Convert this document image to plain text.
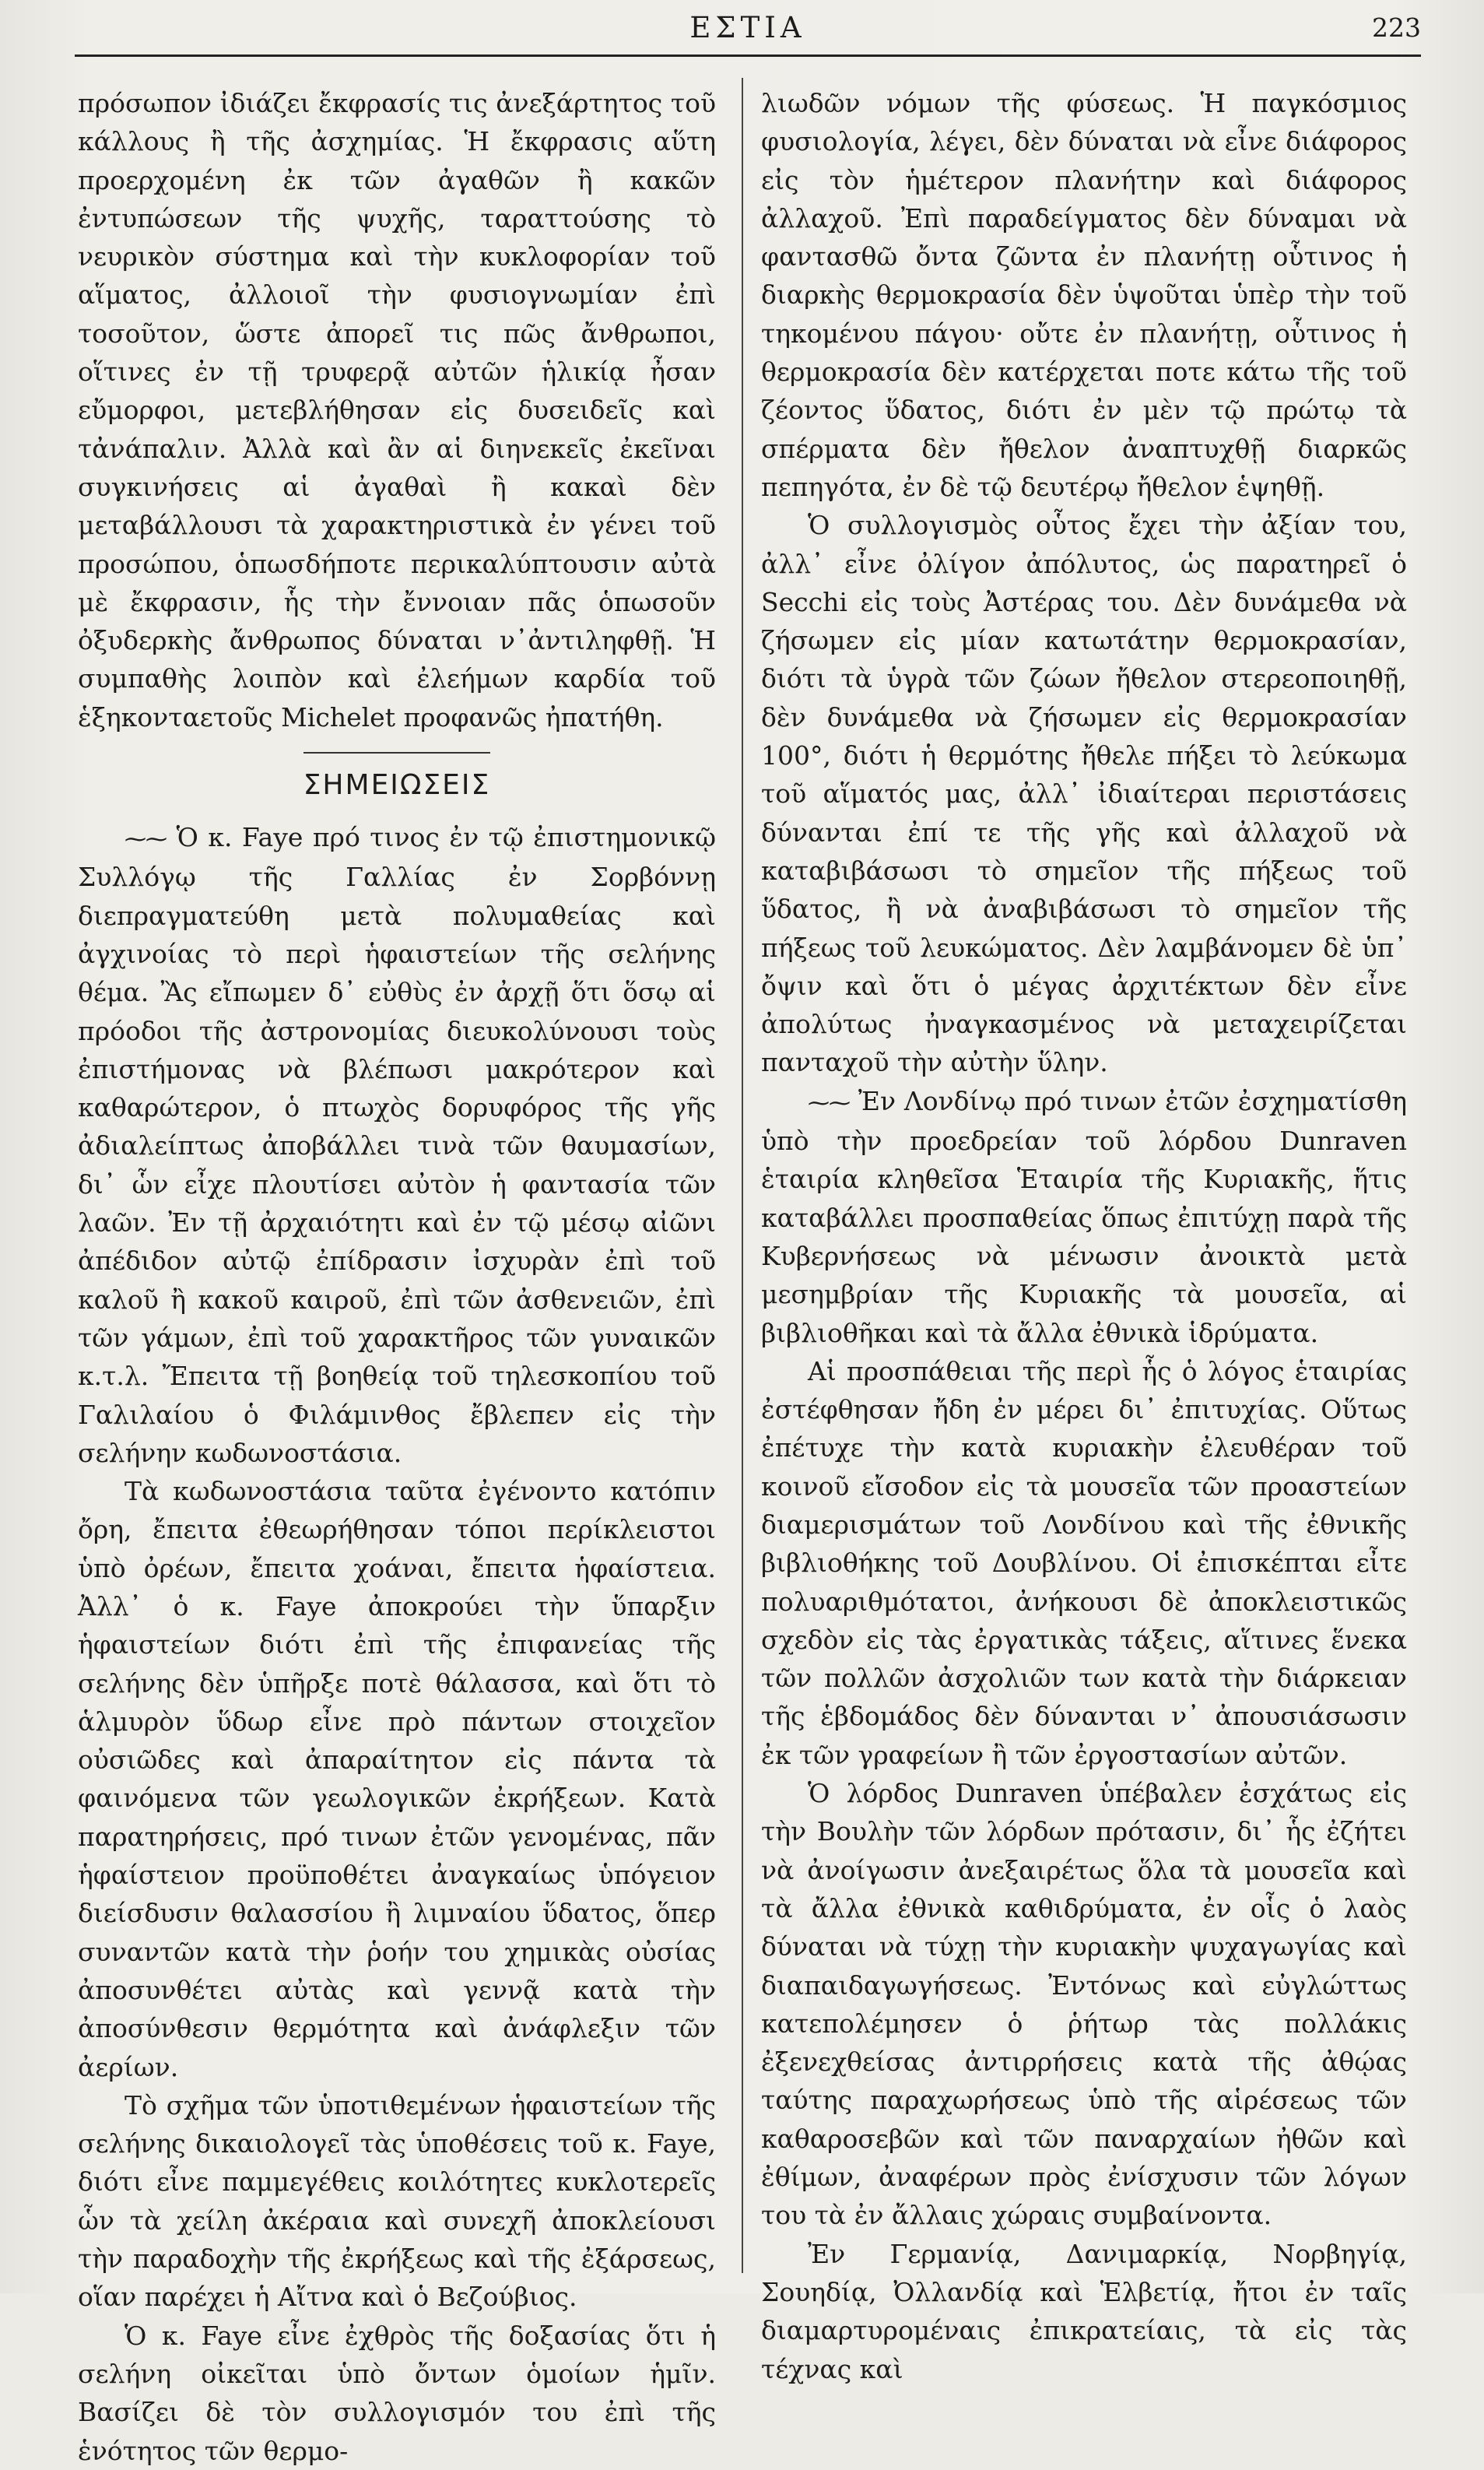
ΕΣΤΙΑ	223

πρόσωπον ἰδιάζει ἔκφρασίς τις ἀνεξάρτητος τοῦ κάλλους ἢ τῆς ἀσχημίας. Ἡ ἔκφρασις αὕτη προερχομένη ἐκ τῶν ἀγαθῶν ἢ κακῶν ἐντυπώσεων τῆς ψυχῆς, ταραττούσης τὸ νευρικὸν σύστημα καὶ τὴν κυκλοφορίαν τοῦ αἵματος, ἀλλοιοῖ τὴν φυσιογνωμίαν ἐπὶ τοσοῦτον, ὥστε ἀπορεῖ τις πῶς ἄνθρωποι, οἵτινες ἐν τῇ τρυφερᾷ αὐτῶν ἡλικίᾳ ἦσαν εὔμορφοι, μετεβλήθησαν εἰς δυσειδεῖς καὶ τἀνάπαλιν. Ἀλλὰ καὶ ἂν αἱ διηνεκεῖς ἐκεῖναι συγκινήσεις αἱ ἀγαθαὶ ἢ κακαὶ δὲν μεταβάλλουσι τὰ χαρακτηριστικὰ ἐν γένει τοῦ προσώπου, ὁπωσδήποτε περικαλύπτουσιν αὐτὰ μὲ ἔκφρασιν, ἧς τὴν ἔννοιαν πᾶς ὁπωσοῦν ὀξυδερκὴς ἄνθρωπος δύναται ν᾽ἀντιληφθῇ. Ἡ συμπαθὴς λοιπὸν καὶ ἐλεήμων καρδία τοῦ ἑξηκονταετοῦς Michelet προφανῶς ἠπατήθη.

ΣΗΜΕΙΩΣΕΙΣ

⁓⁓ Ὁ κ. Faye πρό τινος ἐν τῷ ἐπιστημονικῷ Συλλόγῳ τῆς Γαλλίας ἐν Σορβόννῃ διεπραγματεύθη μετὰ πολυμαθείας καὶ ἀγχινοίας τὸ περὶ ἡφαιστείων τῆς σελήνης θέμα. Ἂς εἴπωμεν δ᾽ εὐθὺς ἐν ἀρχῇ ὅτι ὅσῳ αἱ πρόοδοι τῆς ἀστρονομίας διευκολύνουσι τοὺς ἐπιστήμονας νὰ βλέπωσι μακρότερον καὶ καθαρώτερον, ὁ πτωχὸς δορυφόρος τῆς γῆς ἀδιαλείπτως ἀποβάλλει τινὰ τῶν θαυμασίων, δι᾽ ὧν εἶχε πλουτίσει αὐτὸν ἡ φαντασία τῶν λαῶν. Ἐν τῇ ἀρχαιότητι καὶ ἐν τῷ μέσῳ αἰῶνι ἀπέδιδον αὐτῷ ἐπίδρασιν ἰσχυρὰν ἐπὶ τοῦ καλοῦ ἢ κακοῦ καιροῦ, ἐπὶ τῶν ἀσθενειῶν, ἐπὶ τῶν γάμων, ἐπὶ τοῦ χαρακτῆρος τῶν γυναικῶν κ.τ.λ. Ἔπειτα τῇ βοηθείᾳ τοῦ τηλεσκοπίου τοῦ Γαλιλαίου ὁ Φιλάμινθος ἔβλεπεν εἰς τὴν σελήνην κωδωνοστάσια.

Τὰ κωδωνοστάσια ταῦτα ἐγένοντο κατόπιν ὄρη, ἔπειτα ἐθεωρήθησαν τόποι περίκλειστοι ὑπὸ ὀρέων, ἔπειτα χοάναι, ἔπειτα ἡφαίστεια. Ἀλλ᾽ ὁ κ. Faye ἀποκρούει τὴν ὕπαρξιν ἡφαιστείων διότι ἐπὶ τῆς ἐπιφανείας τῆς σελήνης δὲν ὑπῆρξε ποτὲ θάλασσα, καὶ ὅτι τὸ ἁλμυρὸν ὕδωρ εἶνε πρὸ πάντων στοιχεῖον οὐσιῶδες καὶ ἀπαραίτητον εἰς πάντα τὰ φαινόμενα τῶν γεωλογικῶν ἐκρήξεων. Κατὰ παρατηρήσεις, πρό τινων ἐτῶν γενομένας, πᾶν ἡφαίστειον προϋποθέτει ἀναγκαίως ὑπόγειον διείσδυσιν θαλασσίου ἢ λιμναίου ὕδατος, ὅπερ συναντῶν κατὰ τὴν ῥοήν του χημικὰς οὐσίας ἀποσυνθέτει αὐτὰς καὶ γεννᾷ κατὰ τὴν ἀποσύνθεσιν θερμότητα καὶ ἀνάφλεξιν τῶν ἀερίων.

Τὸ σχῆμα τῶν ὑποτιθεμένων ἡφαιστείων τῆς σελήνης δικαιολογεῖ τὰς ὑποθέσεις τοῦ κ. Faye, διότι εἶνε παμμεγέθεις κοιλότητες κυκλοτερεῖς ὧν τὰ χείλη ἀκέραια καὶ συνεχῆ ἀποκλείουσι τὴν παραδοχὴν τῆς ἐκρήξεως καὶ τῆς ἐξάρσεως, οἵαν παρέχει ἡ Αἴτνα καὶ ὁ Βεζούβιος.

Ὁ κ. Faye εἶνε ἐχθρὸς τῆς δοξασίας ὅτι ἡ σελήνη οἰκεῖται ὑπὸ ὄντων ὁμοίων ἡμῖν. Βασίζει δὲ τὸν συλλογισμόν του ἐπὶ τῆς ἑνότητος τῶν θερμο-

λιωδῶν νόμων τῆς φύσεως. Ἡ παγκόσμιος φυσιολογία, λέγει, δὲν δύναται νὰ εἶνε διάφορος εἰς τὸν ἡμέτερον πλανήτην καὶ διάφορος ἀλλαχοῦ. Ἐπὶ παραδείγματος δὲν δύναμαι νὰ φαντασθῶ ὄντα ζῶντα ἐν πλανήτῃ οὗτινος ἡ διαρκὴς θερμοκρασία δὲν ὑψοῦται ὑπὲρ τὴν τοῦ τηκομένου πάγου· οὔτε ἐν πλανήτῃ, οὗτινος ἡ θερμοκρασία δὲν κατέρχεται ποτε κάτω τῆς τοῦ ζέοντος ὕδατος, διότι ἐν μὲν τῷ πρώτῳ τὰ σπέρματα δὲν ἤθελον ἀναπτυχθῇ διαρκῶς πεπηγότα, ἐν δὲ τῷ δευτέρῳ ἤθελον ἑψηθῇ.

Ὁ συλλογισμὸς οὗτος ἔχει τὴν ἀξίαν του, ἀλλ᾽ εἶνε ὀλίγον ἀπόλυτος, ὡς παρατηρεῖ ὁ Secchi εἰς τοὺς Ἀστέρας του. Δὲν δυνάμεθα νὰ ζήσωμεν εἰς μίαν κατωτάτην θερμοκρασίαν, διότι τὰ ὑγρὰ τῶν ζώων ἤθελον στερεοποιηθῇ, δὲν δυνάμεθα νὰ ζήσωμεν εἰς θερμοκρασίαν 100°, διότι ἡ θερμότης ἤθελε πήξει τὸ λεύκωμα τοῦ αἵματός μας, ἀλλ᾽ ἰδιαίτεραι περιστάσεις δύνανται ἐπί τε τῆς γῆς καὶ ἀλλαχοῦ νὰ καταβιβάσωσι τὸ σημεῖον τῆς πήξεως τοῦ ὕδατος, ἢ νὰ ἀναβιβάσωσι τὸ σημεῖον τῆς πήξεως τοῦ λευκώματος. Δὲν λαμβάνομεν δὲ ὑπ᾽ ὄψιν καὶ ὅτι ὁ μέγας ἀρχιτέκτων δὲν εἶνε ἀπολύτως ἠναγκασμένος νὰ μεταχειρίζεται πανταχοῦ τὴν αὐτὴν ὕλην.

⁓⁓ Ἐν Λονδίνῳ πρό τινων ἐτῶν ἐσχηματίσθη ὑπὸ τὴν προεδρείαν τοῦ λόρδου Dunraven ἑταιρία κληθεῖσα Ἑταιρία τῆς Κυριακῆς, ἥτις καταβάλλει προσπαθείας ὅπως ἐπιτύχῃ παρὰ τῆς Κυβερνήσεως νὰ μένωσιν ἀνοικτὰ μετὰ μεσημβρίαν τῆς Κυριακῆς τὰ μουσεῖα, αἱ βιβλιοθῆκαι καὶ τὰ ἄλλα ἐθνικὰ ἱδρύματα.

Αἱ προσπάθειαι τῆς περὶ ἧς ὁ λόγος ἑταιρίας ἐστέφθησαν ἤδη ἐν μέρει δι᾽ ἐπιτυχίας. Οὕτως ἐπέτυχε τὴν κατὰ κυριακὴν ἐλευθέραν τοῦ κοινοῦ εἴσοδον εἰς τὰ μουσεῖα τῶν προαστείων διαμερισμάτων τοῦ Λονδίνου καὶ τῆς ἐθνικῆς βιβλιοθήκης τοῦ Δουβλίνου. Οἱ ἐπισκέπται εἶτε πολυαριθμότατοι, ἀνήκουσι δὲ ἀποκλειστικῶς σχεδὸν εἰς τὰς ἐργατικὰς τάξεις, αἵτινες ἕνεκα τῶν πολλῶν ἀσχολιῶν των κατὰ τὴν διάρκειαν τῆς ἑβδομάδος δὲν δύνανται ν᾽ ἀπουσιάσωσιν ἐκ τῶν γραφείων ἢ τῶν ἐργοστασίων αὐτῶν.

Ὁ λόρδος Dunraven ὑπέβαλεν ἐσχάτως εἰς τὴν Βουλὴν τῶν λόρδων πρότασιν, δι᾽ ἧς ἐζήτει νὰ ἀνοίγωσιν ἀνεξαιρέτως ὅλα τὰ μουσεῖα καὶ τὰ ἄλλα ἐθνικὰ καθιδρύματα, ἐν οἷς ὁ λαὸς δύναται νὰ τύχῃ τὴν κυριακὴν ψυχαγωγίας καὶ διαπαιδαγωγήσεως. Ἐντόνως καὶ εὐγλώττως κατεπολέμησεν ὁ ῥήτωρ τὰς πολλάκις ἐξενεχθείσας ἀντιρρήσεις κατὰ τῆς ἀθῴας ταύτης παραχωρήσεως ὑπὸ τῆς αἱρέσεως τῶν καθαροσεβῶν καὶ τῶν παναρχαίων ἠθῶν καὶ ἐθίμων, ἀναφέρων πρὸς ἐνίσχυσιν τῶν λόγων του τὰ ἐν ἄλλαις χώραις συμβαίνοντα.

Ἐν Γερμανίᾳ, Δανιμαρκίᾳ, Νορβηγίᾳ, Σουηδίᾳ, Ὀλλανδίᾳ καὶ Ἑλβετίᾳ, ἤτοι ἐν ταῖς διαμαρτυρομέναις ἐπικρατείαις, τὰ εἰς τὰς τέχνας καὶ
